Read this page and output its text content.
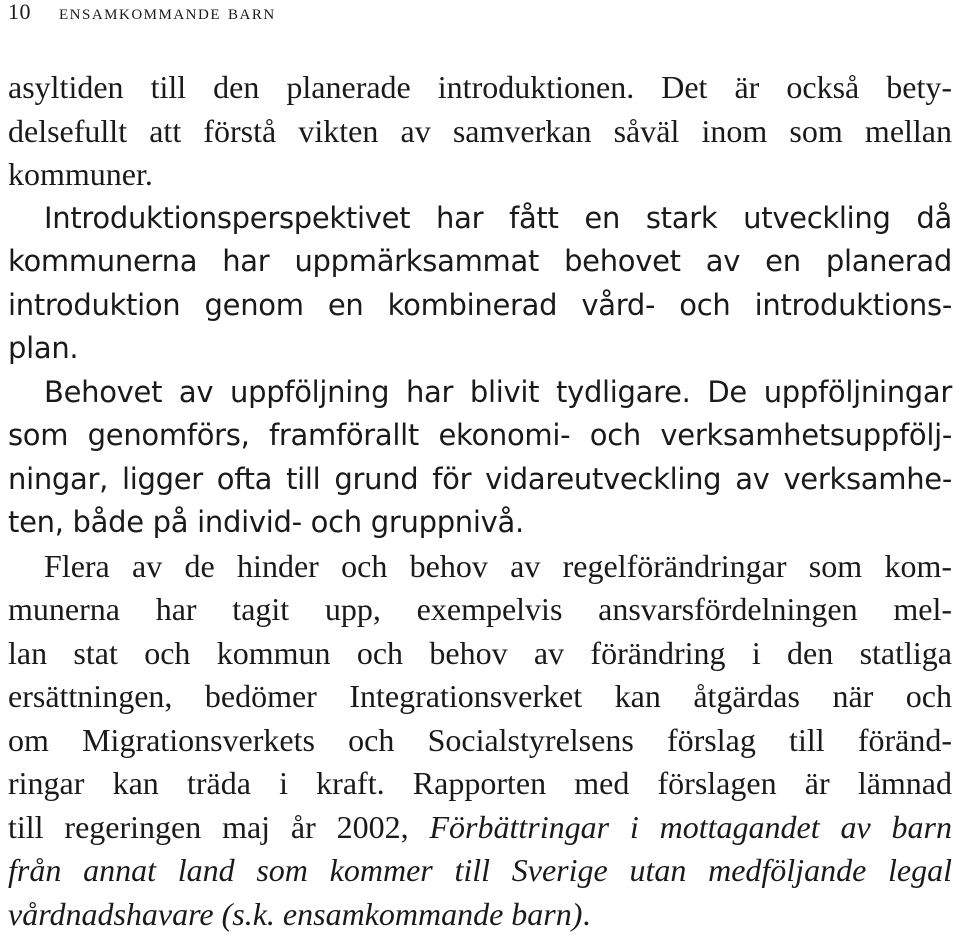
10 ensamkommande barn
asyltiden till den planerade introduktionen. Det är också bety-
delsefullt att förstå vikten av samverkan såväl inom som mellan
kommuner.
Introduktionsperspektivet har fått en stark utveckling då
kommunerna har uppmärksammat behovet av en planerad
introduktion genom en kombinerad vård- och introduktions-
plan.
Behovet av uppföljning har blivit tydligare. De uppföljningar
som genomförs, framförallt ekonomi- och verksamhetsuppfölj-
ningar, ligger ofta till grund för vidareutveckling av verksamhe-
ten, både på individ- och gruppnivå.
Flera av de hinder och behov av regelförändringar som kom-
munerna har tagit upp, exempelvis ansvarsfördelningen mel-
lan stat och kommun och behov av förändring i den statliga
ersättningen, bedömer Integrationsverket kan åtgärdas när och
om Migrationsverkets och Socialstyrelsens förslag till föränd-
ringar kan träda i kraft. Rapporten med förslagen är lämnad
till regeringen maj år 2002, Förbättringar i mottagandet av barn
från annat land som kommer till Sverige utan medföljande legal
vårdnadshavare (s.k. ensamkommande barn).
